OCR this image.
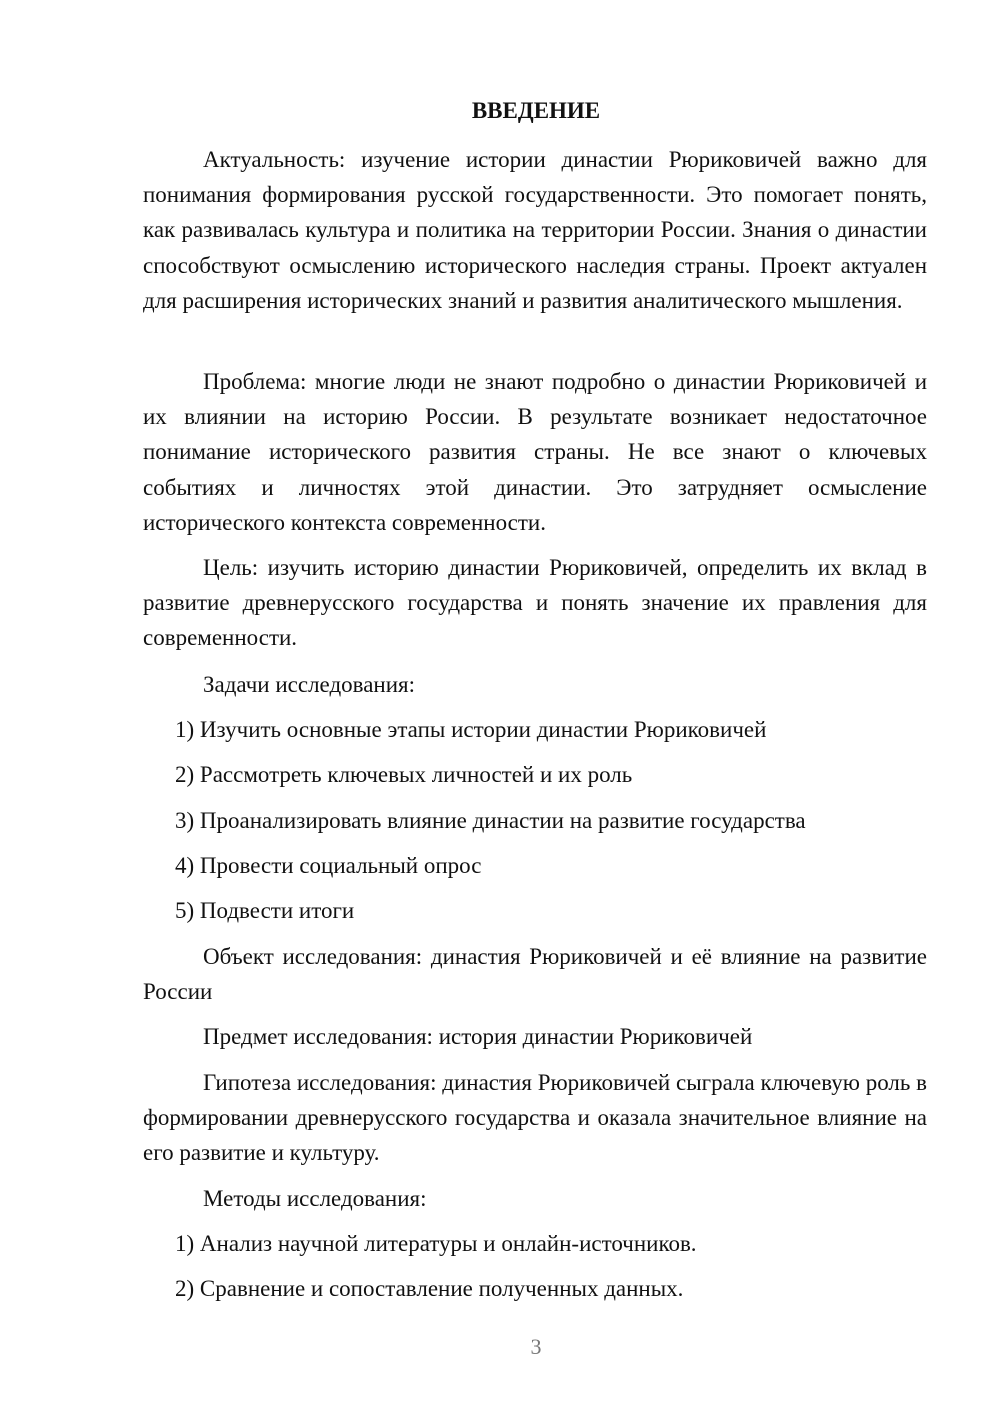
ВВЕДЕНИЕ

Актуальность: изучение истории династии Рюриковичей важно для понимания формирования русской государственности. Это помогает понять, как развивалась культура и политика на территории России. Знания о династии способствуют осмыслению исторического наследия страны. Проект актуален для расширения исторических знаний и развития аналитического мышления.

Проблема: многие люди не знают подробно о династии Рюриковичей и их влиянии на историю России. В результате возникает недостаточное понимание исторического развития страны. Не все знают о ключевых событиях и личностях этой династии. Это затрудняет осмысление исторического контекста современности.

Цель: изучить историю династии Рюриковичей, определить их вклад в развитие древнерусского государства и понять значение их правления для современности.

Задачи исследования:

1) Изучить основные этапы истории династии Рюриковичей

2) Рассмотреть ключевых личностей и их роль

3) Проанализировать влияние династии на развитие государства

4) Провести социальный опрос

5) Подвести итоги

Объект исследования: династия Рюриковичей и её влияние на развитие России

Предмет исследования: история династии Рюриковичей

Гипотеза исследования: династия Рюриковичей сыграла ключевую роль в формировании древнерусского государства и оказала значительное влияние на его развитие и культуру.

Методы исследования:

1) Анализ научной литературы и онлайн-источников.

2) Сравнение и сопоставление полученных данных.

3
